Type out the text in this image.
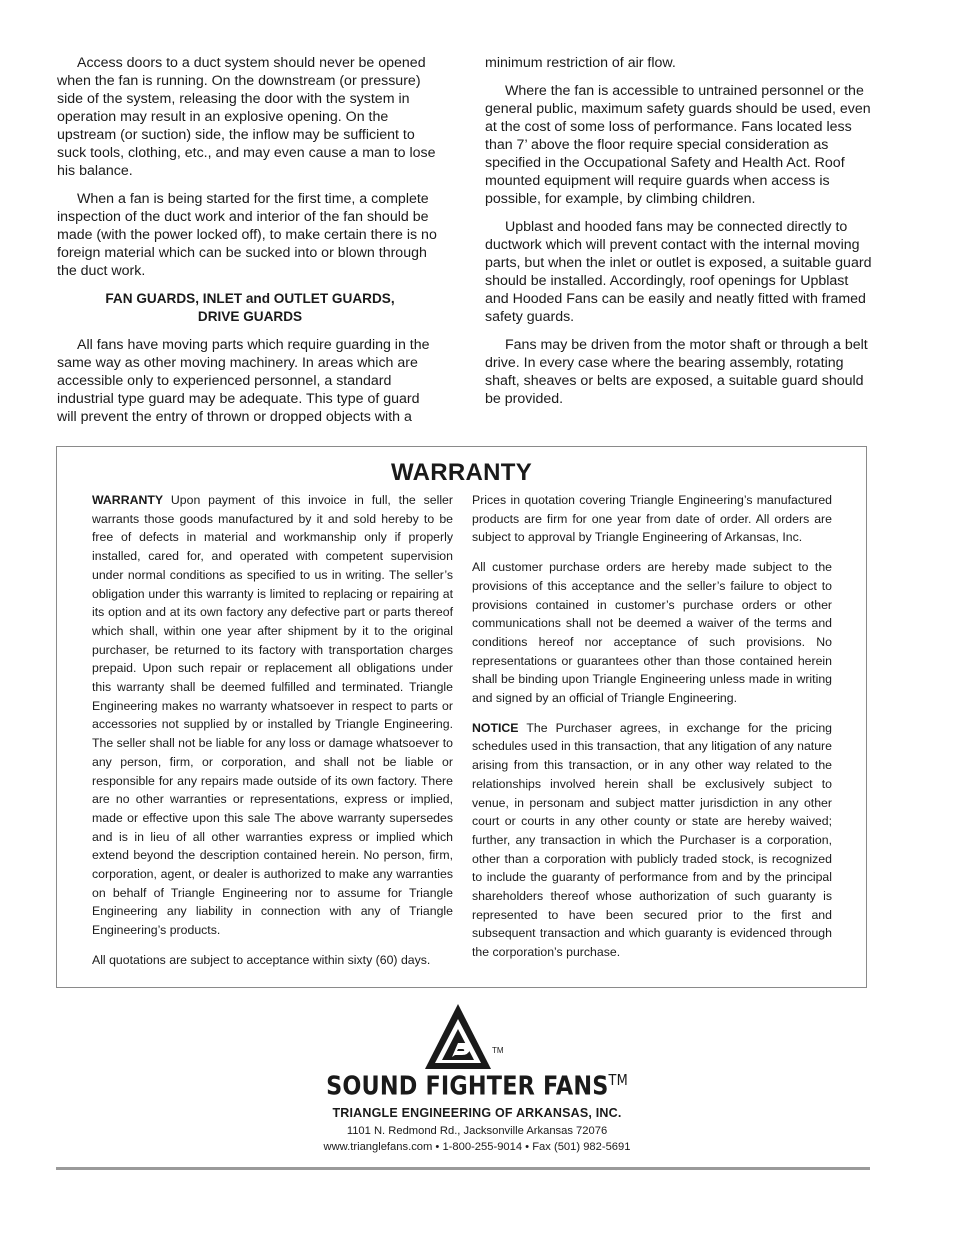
Access doors to a duct system should never be opened when the fan is running. On the downstream (or pressure) side of the system, releasing the door with the system in operation may result in an explosive opening. On the upstream (or suction) side, the inflow may be sufficient to suck tools, clothing, etc., and may even cause a man to lose his balance.

When a fan is being started for the first time, a complete inspection of the duct work and interior of the fan should be made (with the power locked off), to make certain there is no foreign material which can be sucked into or blown through the duct work.

FAN GUARDS, INLET and OUTLET GUARDS,
DRIVE GUARDS

All fans have moving parts which require guarding in the same way as other moving machinery. In areas which are accessible only to experienced personnel, a standard industrial type guard may be adequate. This type of guard will prevent the entry of thrown or dropped objects with a

minimum restriction of air flow.

Where the fan is accessible to untrained personnel or the general public, maximum safety guards should be used, even at the cost of some loss of performance. Fans located less than 7’ above the floor require special consideration as specified in the Occupational Safety and Health Act. Roof mounted equipment will require guards when access is possible, for example, by climbing children.

Upblast and hooded fans may be connected directly to ductwork which will prevent contact with the internal moving parts, but when the inlet or outlet is exposed, a suitable guard should be installed. Accordingly, roof openings for Upblast and Hooded Fans can be easily and neatly fitted with framed safety guards.

Fans may be driven from the motor shaft or through a belt drive. In every case where the bearing assembly, rotating shaft, sheaves or belts are exposed, a suitable guard should be provided.

WARRANTY

WARRANTY Upon payment of this invoice in full, the seller warrants those goods manufactured by it and sold hereby to be free of defects in material and workmanship only if properly installed, cared for, and operated with competent supervision under normal conditions as specified to us in writing. The seller’s obligation under this warranty is limited to replacing or repairing at its option and at its own factory any defective part or parts thereof which shall, within one year after shipment by it to the original purchaser, be returned to its factory with transportation charges prepaid. Upon such repair or replacement all obligations under this warranty shall be deemed fulfilled and terminated. Triangle Engineering makes no warranty whatsoever in respect to parts or accessories not supplied by or installed by Triangle Engineering. The seller shall not be liable for any loss or damage whatsoever to any person, firm, or corporation, and shall not be liable or responsible for any repairs made outside of its own factory. There are no other warranties or representations, express or implied, made or effective upon this sale The above warranty supersedes and is in lieu of all other warranties express or implied which extend beyond the description contained herein. No person, firm, corporation, agent, or dealer is authorized to make any warranties on behalf of Triangle Engineering nor to assume for Triangle Engineering any liability in connection with any of Triangle Engineering’s products.

All quotations are subject to acceptance within sixty (60) days.

Prices in quotation covering Triangle Engineering’s manufactured products are firm for one year from date of order. All orders are subject to approval by Triangle Engineering of Arkansas, Inc.

All customer purchase orders are hereby made subject to the provisions of this acceptance and the seller’s failure to object to provisions contained in customer’s purchase orders or other communications shall not be deemed a waiver of the terms and conditions hereof nor acceptance of such provisions. No representations or guarantees other than those contained herein shall be binding upon Triangle Engineering unless made in writing and signed by an official of Triangle Engineering.

NOTICE The Purchaser agrees, in exchange for the pricing schedules used in this transaction, that any litigation of any nature arising from this transaction, or in any other way related to the relationships involved herein shall be exclusively subject to venue, in personam and subject matter jurisdiction in any other court or courts in any other county or state are hereby waived; further, any transaction in which the Purchaser is a corporation, other than a corporation with publicly traded stock, is recognized to include the guaranty of performance from and by the principal shareholders thereof whose authorization of such guaranty is represented to have been secured prior to the first and subsequent transaction and which guaranty is evidenced through the corporation’s purchase.

TM
SOUND FIGHTER FANS™
TRIANGLE ENGINEERING OF ARKANSAS, INC.
1101 N. Redmond Rd., Jacksonville Arkansas 72076
www.trianglefans.com • 1-800-255-9014 • Fax (501) 982-5691
